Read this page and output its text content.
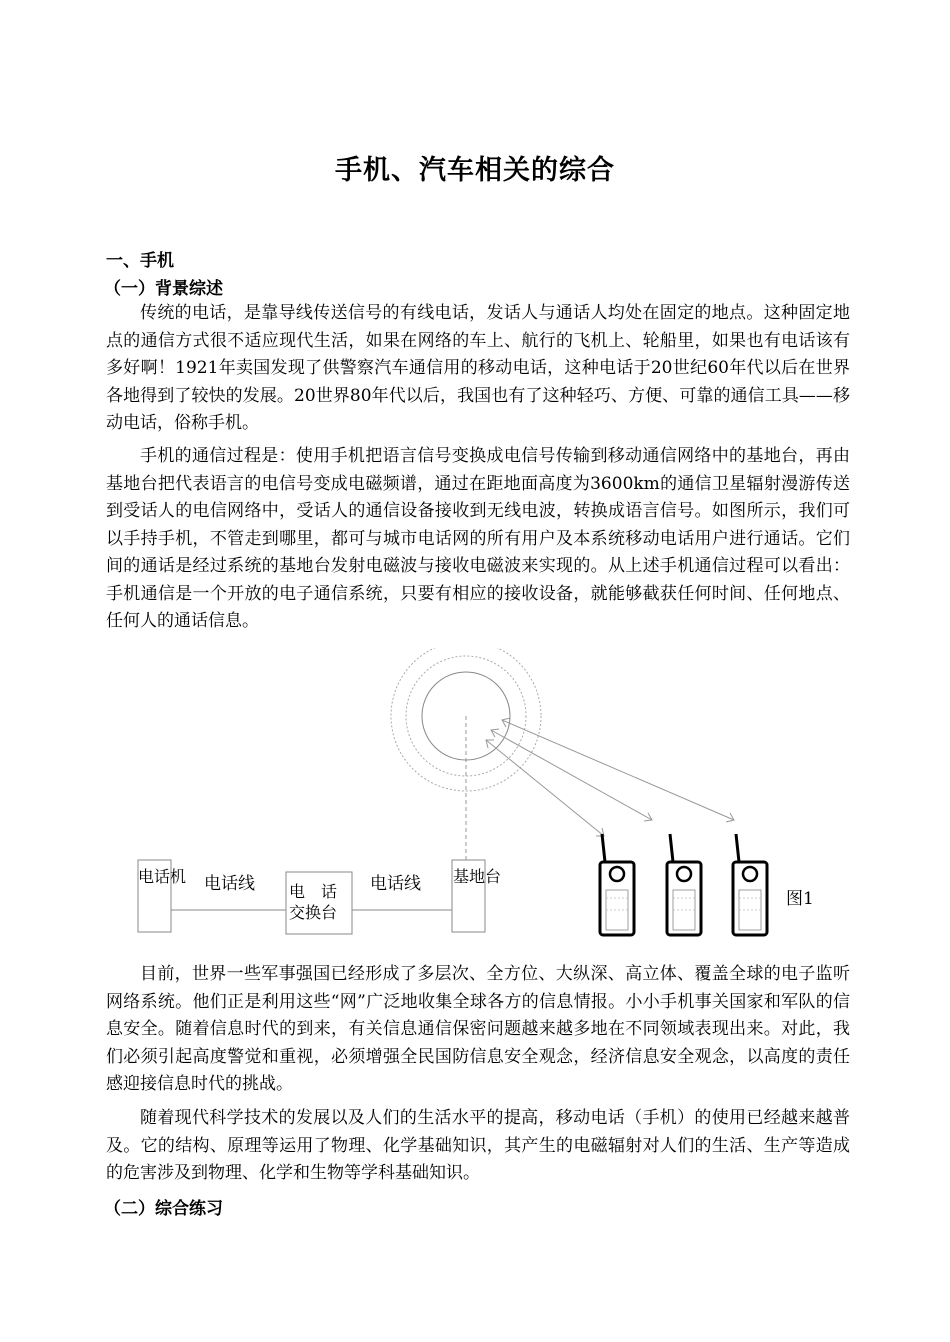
手机、汽车相关的综合
一、手机
（一）背景综述

传统的电话，是靠导线传送信号的有线电话，发话人与通话人均处在固定的地点。这种固定地点的通信方式很不适应现代生活，如果在网络的车上、航行的飞机上、轮船里，如果也有电话该有多好啊！1921年卖国发现了供警察汽车通信用的移动电话，这种电话于20世纪60年代以后在世界各地得到了较快的发展。20世界80年代以后，我国也有了这种轻巧、方便、可靠的通信工具——移动电话，俗称手机。

手机的通信过程是：使用手机把语言信号变换成电信号传输到移动通信网络中的基地台，再由基地台把代表语言的电信号变成电磁频谱，通过在距地面高度为3600km的通信卫星辐射漫游传送到受话人的电信网络中，受话人的通信设备接收到无线电波，转换成语言信号。如图所示，我们可以手持手机，不管走到哪里，都可与城市电话网的所有用户及本系统移动电话用户进行通话。它们间的通话是经过系统的基地台发射电磁波与接收电磁波来实现的。从上述手机通信过程可以看出：手机通信是一个开放的电子通信系统，只要有相应的接收设备，就能够截获任何时间、任何地点、任何人的通话信息。

电话机 电话线 电　话
交换台
电话线 基地台
图1

目前，世界一些军事强国已经形成了多层次、全方位、大纵深、高立体、覆盖全球的电子监听网络系统。他们正是利用这些“网”广泛地收集全球各方的信息情报。小小手机事关国家和军队的信息安全。随着信息时代的到来，有关信息通信保密问题越来越多地在不同领域表现出来。对此，我们必须引起高度警觉和重视，必须增强全民国防信息安全观念，经济信息安全观念，以高度的责任感迎接信息时代的挑战。

随着现代科学技术的发展以及人们的生活水平的提高，移动电话（手机）的使用已经越来越普及。它的结构、原理等运用了物理、化学基础知识，其产生的电磁辐射对人们的生活、生产等造成的危害涉及到物理、化学和生物等学科基础知识。

（二）综合练习
